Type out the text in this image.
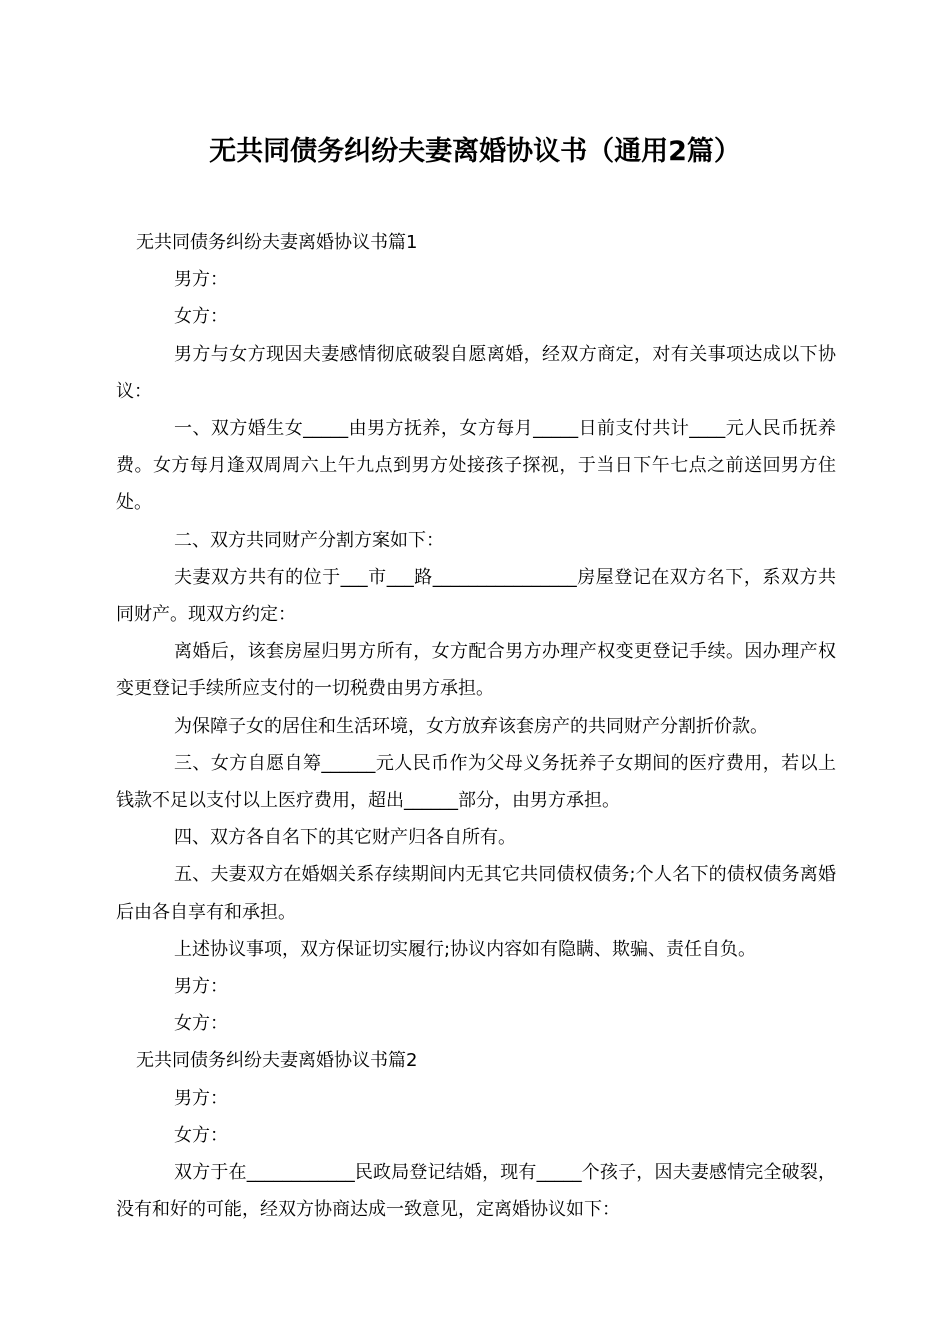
无共同债务纠纷夫妻离婚协议书（通用2篇）

无共同债务纠纷夫妻离婚协议书篇1

男方：

女方：

男方与女方现因夫妻感情彻底破裂自愿离婚，经双方商定，对有关事项达成以下协议：

一、双方婚生女_____由男方抚养，女方每月_____日前支付共计____元人民币抚养费。女方每月逢双周周六上午九点到男方处接孩子探视，于当日下午七点之前送回男方住处。

二、双方共同财产分割方案如下：

夫妻双方共有的位于___市___路________________房屋登记在双方名下，系双方共同财产。现双方约定：

离婚后，该套房屋归男方所有，女方配合男方办理产权变更登记手续。因办理产权变更登记手续所应支付的一切税费由男方承担。

为保障子女的居住和生活环境，女方放弃该套房产的共同财产分割折价款。

三、女方自愿自筹______元人民币作为父母义务抚养子女期间的医疗费用，若以上钱款不足以支付以上医疗费用，超出______部分，由男方承担。

四、双方各自名下的其它财产归各自所有。

五、夫妻双方在婚姻关系存续期间内无其它共同债权债务;个人名下的债权债务离婚后由各自享有和承担。

上述协议事项，双方保证切实履行;协议内容如有隐瞒、欺骗、责任自负。

男方：

女方：

无共同债务纠纷夫妻离婚协议书篇2

男方：

女方：

双方于在____________民政局登记结婚，现有_____个孩子，因夫妻感情完全破裂，没有和好的可能，经双方协商达成一致意见，定离婚协议如下：
